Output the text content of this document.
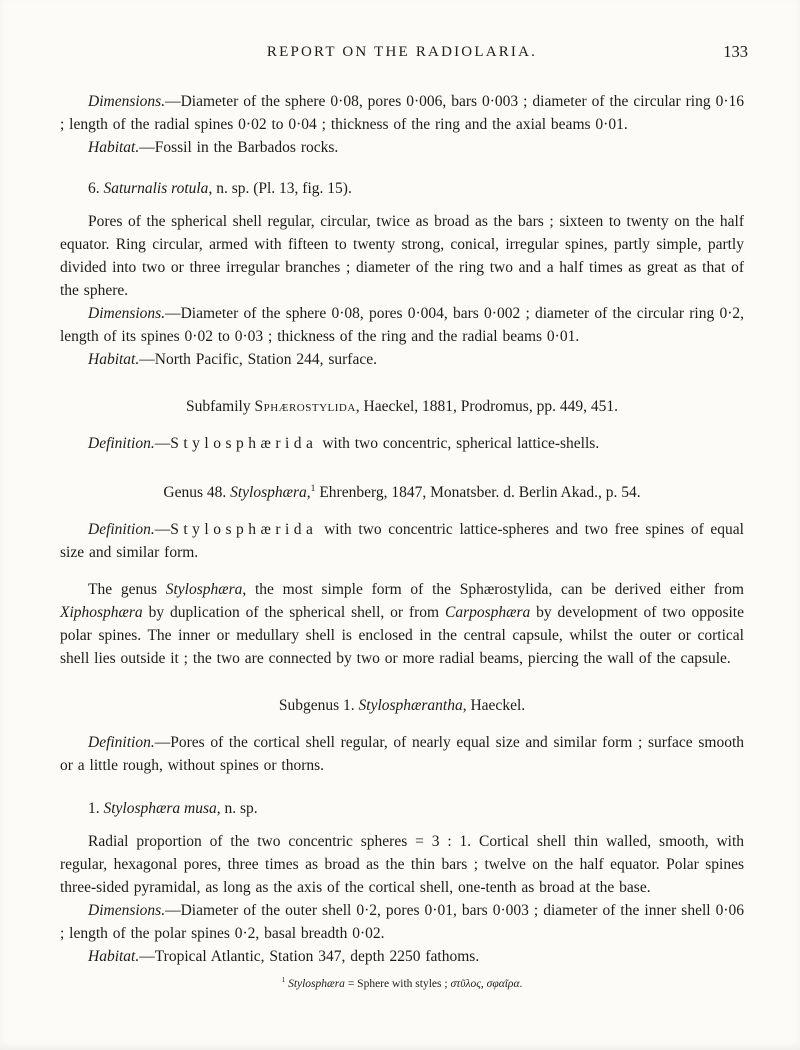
REPORT ON THE RADIOLARIA.	133

Dimensions.—Diameter of the sphere 0·08, pores 0·006, bars 0·003 ; diameter of the circular ring 0·16 ; length of the radial spines 0·02 to 0·04 ; thickness of the ring and the axial beams 0·01.

Habitat.—Fossil in the Barbados rocks.

6. Saturnalis rotula, n. sp. (Pl. 13, fig. 15).

Pores of the spherical shell regular, circular, twice as broad as the bars ; sixteen to twenty on the half equator. Ring circular, armed with fifteen to twenty strong, conical, irregular spines, partly simple, partly divided into two or three irregular branches ; diameter of the ring two and a half times as great as that of the sphere.

Dimensions.—Diameter of the sphere 0·08, pores 0·004, bars 0·002 ; diameter of the circular ring 0·2, length of its spines 0·02 to 0·03 ; thickness of the ring and the radial beams 0·01.

Habitat.—North Pacific, Station 244, surface.

Subfamily Sphærostylida, Haeckel, 1881, Prodromus, pp. 449, 451.

Definition.—Stylosphærida with two concentric, spherical lattice-shells.

Genus 48. Stylosphæra,$^1$ Ehrenberg, 1847, Monatsber. d. Berlin Akad., p. 54.

Definition.—Stylosphærida with two concentric lattice-spheres and two free spines of equal size and similar form.

The genus Stylosphæra, the most simple form of the Sphærostylida, can be derived either from Xiphosphæra by duplication of the spherical shell, or from Carposphæra by development of two opposite polar spines. The inner or medullary shell is enclosed in the central capsule, whilst the outer or cortical shell lies outside it ; the two are connected by two or more radial beams, piercing the wall of the capsule.

Subgenus 1. Stylosphærantha, Haeckel.

Definition.—Pores of the cortical shell regular, of nearly equal size and similar form ; surface smooth or a little rough, without spines or thorns.

1. Stylosphæra musa, n. sp.

Radial proportion of the two concentric spheres = 3 : 1. Cortical shell thin walled, smooth, with regular, hexagonal pores, three times as broad as the thin bars ; twelve on the half equator. Polar spines three-sided pyramidal, as long as the axis of the cortical shell, one-tenth as broad at the base.

Dimensions.—Diameter of the outer shell 0·2, pores 0·01, bars 0·003 ; diameter of the inner shell 0·06 ; length of the polar spines 0·2, basal breadth 0·02.

Habitat.—Tropical Atlantic, Station 347, depth 2250 fathoms.

$^1$ Stylosphæra = Sphere with styles ; στῦλος, σφαῖρα.
